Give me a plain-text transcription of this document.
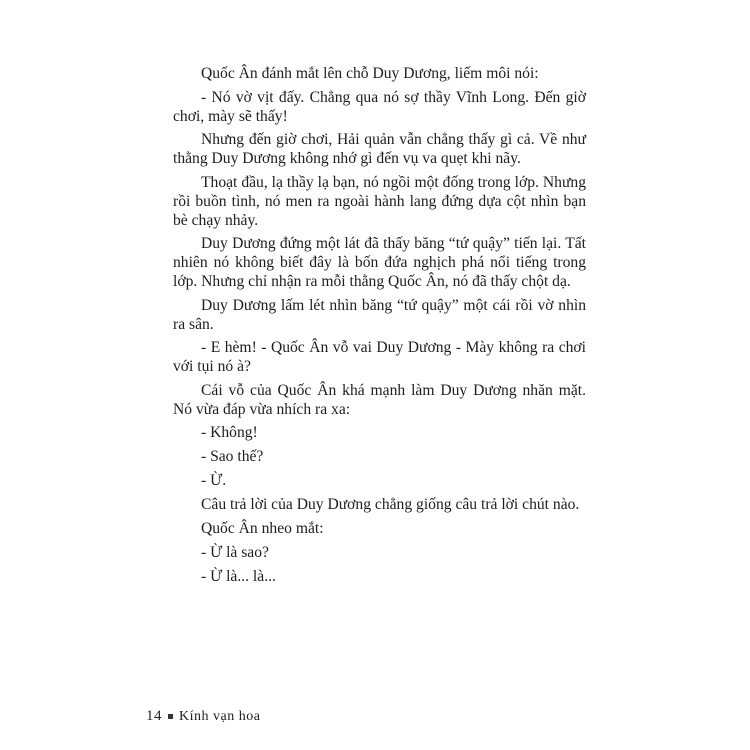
Quốc Ân đánh mắt lên chỗ Duy Dương, liếm môi nói:

- Nó vờ vịt đấy. Chẳng qua nó sợ thầy Vĩnh Long. Đến giờ chơi, mày sẽ thấy!

Nhưng đến giờ chơi, Hải quản vẫn chẳng thấy gì cả. Về như thằng Duy Dương không nhớ gì đến vụ va quẹt khi nãy.

Thoạt đầu, lạ thầy lạ bạn, nó ngồi một đống trong lớp. Nhưng rồi buồn tình, nó men ra ngoài hành lang đứng dựa cột nhìn bạn bè chạy nhảy.

Duy Dương đứng một lát đã thấy băng “tứ quậy” tiến lại. Tất nhiên nó không biết đây là bốn đứa nghịch phá nổi tiếng trong lớp. Nhưng chỉ nhận ra mỗi thằng Quốc Ân, nó đã thấy chột dạ.

Duy Dương lấm lét nhìn băng “tứ quậy” một cái rồi vờ nhìn ra sân.

- E hèm! - Quốc Ân vỗ vai Duy Dương - Mày không ra chơi với tụi nó à?

Cái vỗ của Quốc Ân khá mạnh làm Duy Dương nhăn mặt. Nó vừa đáp vừa nhích ra xa:

- Không!

- Sao thế?

- Ừ.

Câu trả lời của Duy Dương chẳng giống câu trả lời chút nào.

Quốc Ân nheo mắt:

- Ừ là sao?

- Ừ là... là...

14 Kính vạn hoa
